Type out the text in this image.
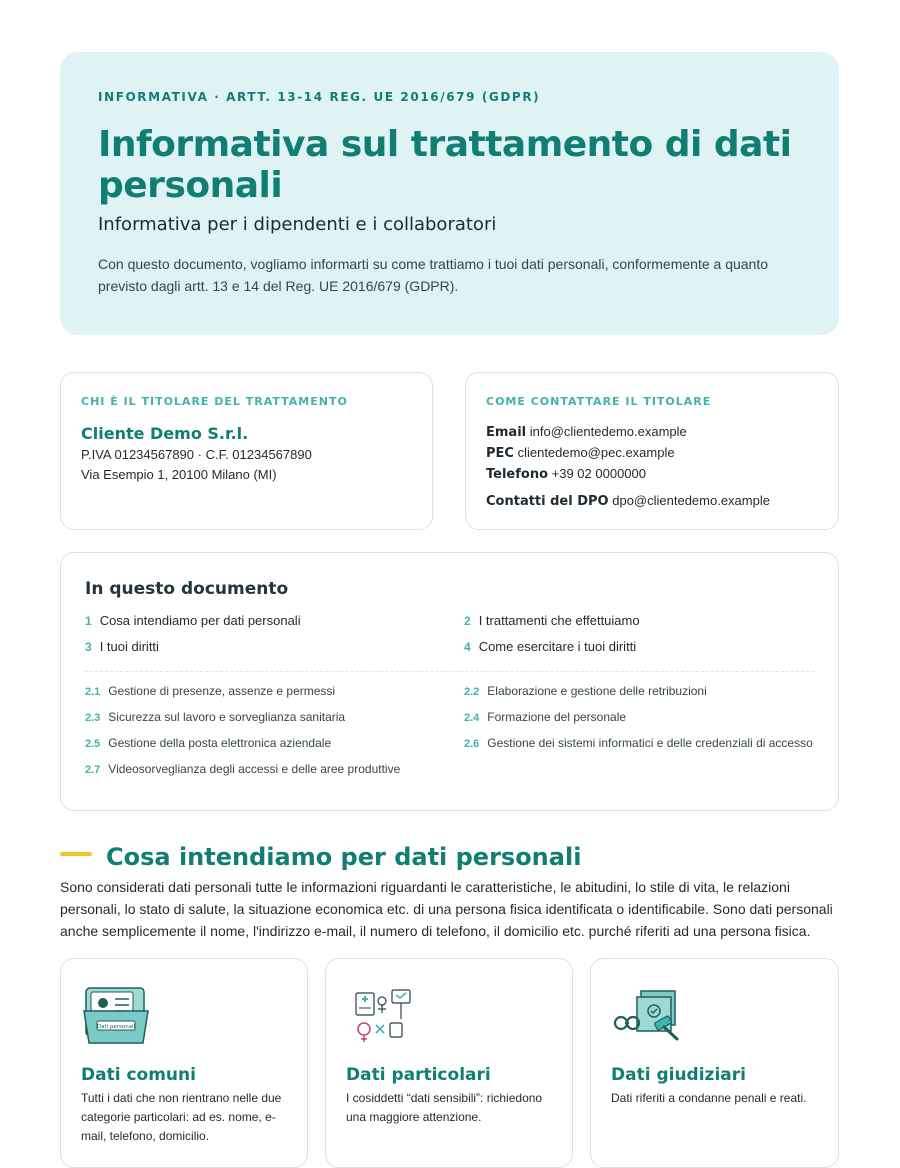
INFORMATIVA · ARTT. 13-14 REG. UE 2016/679 (GDPR)
Informativa sul trattamento di dati personali
Informativa per i dipendenti e i collaboratori
Con questo documento, vogliamo informarti su come trattiamo i tuoi dati personali, conformemente a quanto previsto dagli artt. 13 e 14 del Reg. UE 2016/679 (GDPR).
CHI È IL TITOLARE DEL TRATTAMENTO
Cliente Demo S.r.l.
P.IVA 01234567890 · C.F. 01234567890
Via Esempio 1, 20100 Milano (MI)
COME CONTATTARE IL TITOLARE
Email info@clientedemo.example
PEC clientedemo@pec.example
Telefono +39 02 0000000
Contatti del DPO dpo@clientedemo.example
In questo documento
1 Cosa intendiamo per dati personali	2 I trattamenti che effettuiamo
3 I tuoi diritti	4 Come esercitare i tuoi diritti
2.1 Gestione di presenze, assenze e permessi	2.2 Elaborazione e gestione delle retribuzioni
2.3 Sicurezza sul lavoro e sorveglianza sanitaria	2.4 Formazione del personale
2.5 Gestione della posta elettronica aziendale	2.6 Gestione dei sistemi informatici e delle credenziali di accesso
2.7 Videosorveglianza degli accessi e delle aree produttive
Cosa intendiamo per dati personali
Sono considerati dati personali tutte le informazioni riguardanti le caratteristiche, le abitudini, lo stile di vita, le relazioni personali, lo stato di salute, la situazione economica etc. di una persona fisica identificata o identificabile. Sono dati personali anche semplicemente il nome, l'indirizzo e-mail, il numero di telefono, il domicilio etc. purché riferiti ad una persona fisica.
Dati personali
Dati comuni
Tutti i dati che non rientrano nelle due categorie particolari: ad es. nome, e-mail, telefono, domicilio.
Dati particolari
I cosiddetti “dati sensibili”: richiedono una maggiore attenzione.
Dati giudiziari
Dati riferiti a condanne penali e reati.
